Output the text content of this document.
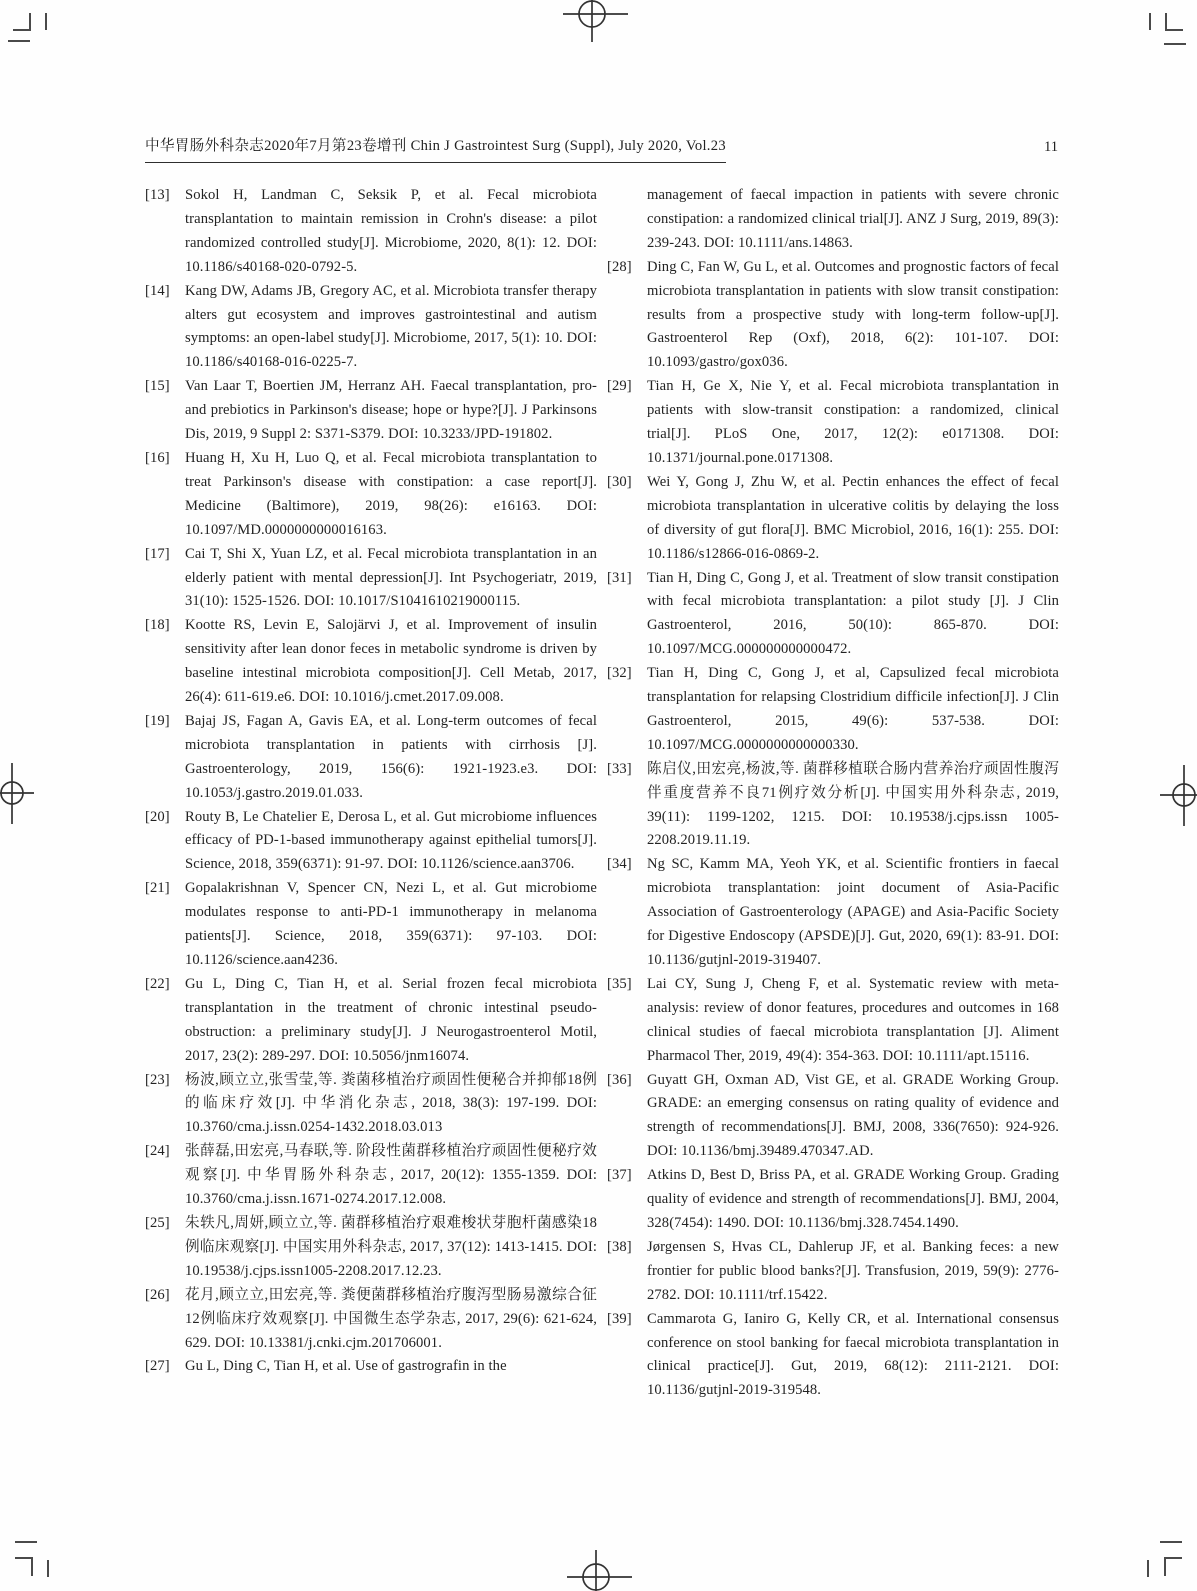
中华胃肠外科杂志2020年7月第23卷增刊 Chin J Gastrointest Surg (Suppl), July 2020, Vol.23	11
[13]	Sokol H, Landman C, Seksik P, et al. Fecal microbiota transplantation to maintain remission in Crohn's disease: a pilot randomized controlled study[J]. Microbiome, 2020, 8(1): 12. DOI: 10.1186/s40168-020-0792-5.
[14]	Kang DW, Adams JB, Gregory AC, et al. Microbiota transfer therapy alters gut ecosystem and improves gastrointestinal and autism symptoms: an open-label study[J]. Microbiome, 2017, 5(1): 10. DOI: 10.1186/s40168-016-0225-7.
[15]	Van Laar T, Boertien JM, Herranz AH. Faecal transplantation, pro- and prebiotics in Parkinson's disease; hope or hype?[J]. J Parkinsons Dis, 2019, 9 Suppl 2: S371-S379. DOI: 10.3233/JPD-191802.
[16]	Huang H, Xu H, Luo Q, et al. Fecal microbiota transplantation to treat Parkinson's disease with constipation: a case report[J]. Medicine (Baltimore), 2019, 98(26): e16163. DOI: 10.1097/MD.0000000000016163.
[17]	Cai T, Shi X, Yuan LZ, et al. Fecal microbiota transplantation in an elderly patient with mental depression[J]. Int Psychogeriatr, 2019, 31(10): 1525-1526. DOI: 10.1017/S1041610219000115.
[18]	Kootte RS, Levin E, Salojärvi J, et al. Improvement of insulin sensitivity after lean donor feces in metabolic syndrome is driven by baseline intestinal microbiota composition[J]. Cell Metab, 2017, 26(4): 611-619.e6. DOI: 10.1016/j.cmet.2017.09.008.
[19]	Bajaj JS, Fagan A, Gavis EA, et al. Long-term outcomes of fecal microbiota transplantation in patients with cirrhosis [J]. Gastroenterology, 2019, 156(6): 1921-1923.e3. DOI: 10.1053/j.gastro.2019.01.033.
[20]	Routy B, Le Chatelier E, Derosa L, et al. Gut microbiome influences efficacy of PD-1-based immunotherapy against epithelial tumors[J]. Science, 2018, 359(6371): 91-97. DOI: 10.1126/science.aan3706.
[21]	Gopalakrishnan V, Spencer CN, Nezi L, et al. Gut microbiome modulates response to anti-PD-1 immunotherapy in melanoma patients[J]. Science, 2018, 359(6371): 97-103. DOI: 10.1126/science.aan4236.
[22]	Gu L, Ding C, Tian H, et al. Serial frozen fecal microbiota transplantation in the treatment of chronic intestinal pseudo-obstruction: a preliminary study[J]. J Neurogastroenterol Motil, 2017, 23(2): 289-297. DOI: 10.5056/jnm16074.
[23]	杨波,顾立立,张雪莹,等. 粪菌移植治疗顽固性便秘合并抑郁18例的临床疗效[J]. 中华消化杂志, 2018, 38(3): 197-199. DOI: 10.3760/cma.j.issn.0254-1432.2018.03.013
[24]	张薛磊,田宏亮,马春联,等. 阶段性菌群移植治疗顽固性便秘疗效观察[J]. 中华胃肠外科杂志, 2017, 20(12): 1355-1359. DOI: 10.3760/cma.j.issn.1671-0274.2017.12.008.
[25]	朱轶凡,周妍,顾立立,等. 菌群移植治疗艰难梭状芽胞杆菌感染18例临床观察[J]. 中国实用外科杂志, 2017, 37(12): 1413-1415. DOI: 10.19538/j.cjps.issn1005-2208.2017.12.23.
[26]	花月,顾立立,田宏亮,等. 粪便菌群移植治疗腹泻型肠易激综合征12例临床疗效观察[J]. 中国微生态学杂志, 2017, 29(6): 621-624, 629. DOI: 10.13381/j.cnki.cjm.201706001.
[27]	Gu L, Ding C, Tian H, et al. Use of gastrografin in the
management of faecal impaction in patients with severe chronic constipation: a randomized clinical trial[J]. ANZ J Surg, 2019, 89(3): 239-243. DOI: 10.1111/ans.14863.
[28]	Ding C, Fan W, Gu L, et al. Outcomes and prognostic factors of fecal microbiota transplantation in patients with slow transit constipation: results from a prospective study with long-term follow-up[J]. Gastroenterol Rep (Oxf), 2018, 6(2): 101-107. DOI: 10.1093/gastro/gox036.
[29]	Tian H, Ge X, Nie Y, et al. Fecal microbiota transplantation in patients with slow-transit constipation: a randomized, clinical trial[J]. PLoS One, 2017, 12(2): e0171308. DOI: 10.1371/journal.pone.0171308.
[30]	Wei Y, Gong J, Zhu W, et al. Pectin enhances the effect of fecal microbiota transplantation in ulcerative colitis by delaying the loss of diversity of gut flora[J]. BMC Microbiol, 2016, 16(1): 255. DOI: 10.1186/s12866-016-0869-2.
[31]	Tian H, Ding C, Gong J, et al. Treatment of slow transit constipation with fecal microbiota transplantation: a pilot study [J]. J Clin Gastroenterol, 2016, 50(10): 865-870. DOI: 10.1097/MCG.000000000000472.
[32]	Tian H, Ding C, Gong J, et al, Capsulized fecal microbiota transplantation for relapsing Clostridium difficile infection[J]. J Clin Gastroenterol, 2015, 49(6): 537-538. DOI: 10.1097/MCG.0000000000000330.
[33]	陈启仪,田宏亮,杨波,等. 菌群移植联合肠内营养治疗顽固性腹泻伴重度营养不良71例疗效分析[J]. 中国实用外科杂志, 2019, 39(11): 1199-1202, 1215. DOI: 10.19538/j.cjps.issn 1005-2208.2019.11.19.
[34]	Ng SC, Kamm MA, Yeoh YK, et al. Scientific frontiers in faecal microbiota transplantation: joint document of Asia-Pacific Association of Gastroenterology (APAGE) and Asia-Pacific Society for Digestive Endoscopy (APSDE)[J]. Gut, 2020, 69(1): 83-91. DOI: 10.1136/gutjnl-2019-319407.
[35]	Lai CY, Sung J, Cheng F, et al. Systematic review with meta-analysis: review of donor features, procedures and outcomes in 168 clinical studies of faecal microbiota transplantation [J]. Aliment Pharmacol Ther, 2019, 49(4): 354-363. DOI: 10.1111/apt.15116.
[36]	Guyatt GH, Oxman AD, Vist GE, et al. GRADE Working Group. GRADE: an emerging consensus on rating quality of evidence and strength of recommendations[J]. BMJ, 2008, 336(7650): 924-926. DOI: 10.1136/bmj.39489.470347.AD.
[37]	Atkins D, Best D, Briss PA, et al. GRADE Working Group. Grading quality of evidence and strength of recommendations[J]. BMJ, 2004, 328(7454): 1490. DOI: 10.1136/bmj.328.7454.1490.
[38]	Jørgensen S, Hvas CL, Dahlerup JF, et al. Banking feces: a new frontier for public blood banks?[J]. Transfusion, 2019, 59(9): 2776-2782. DOI: 10.1111/trf.15422.
[39]	Cammarota G, Ianiro G, Kelly CR, et al. International consensus conference on stool banking for faecal microbiota transplantation in clinical practice[J]. Gut, 2019, 68(12): 2111-2121. DOI: 10.1136/gutjnl-2019-319548.
